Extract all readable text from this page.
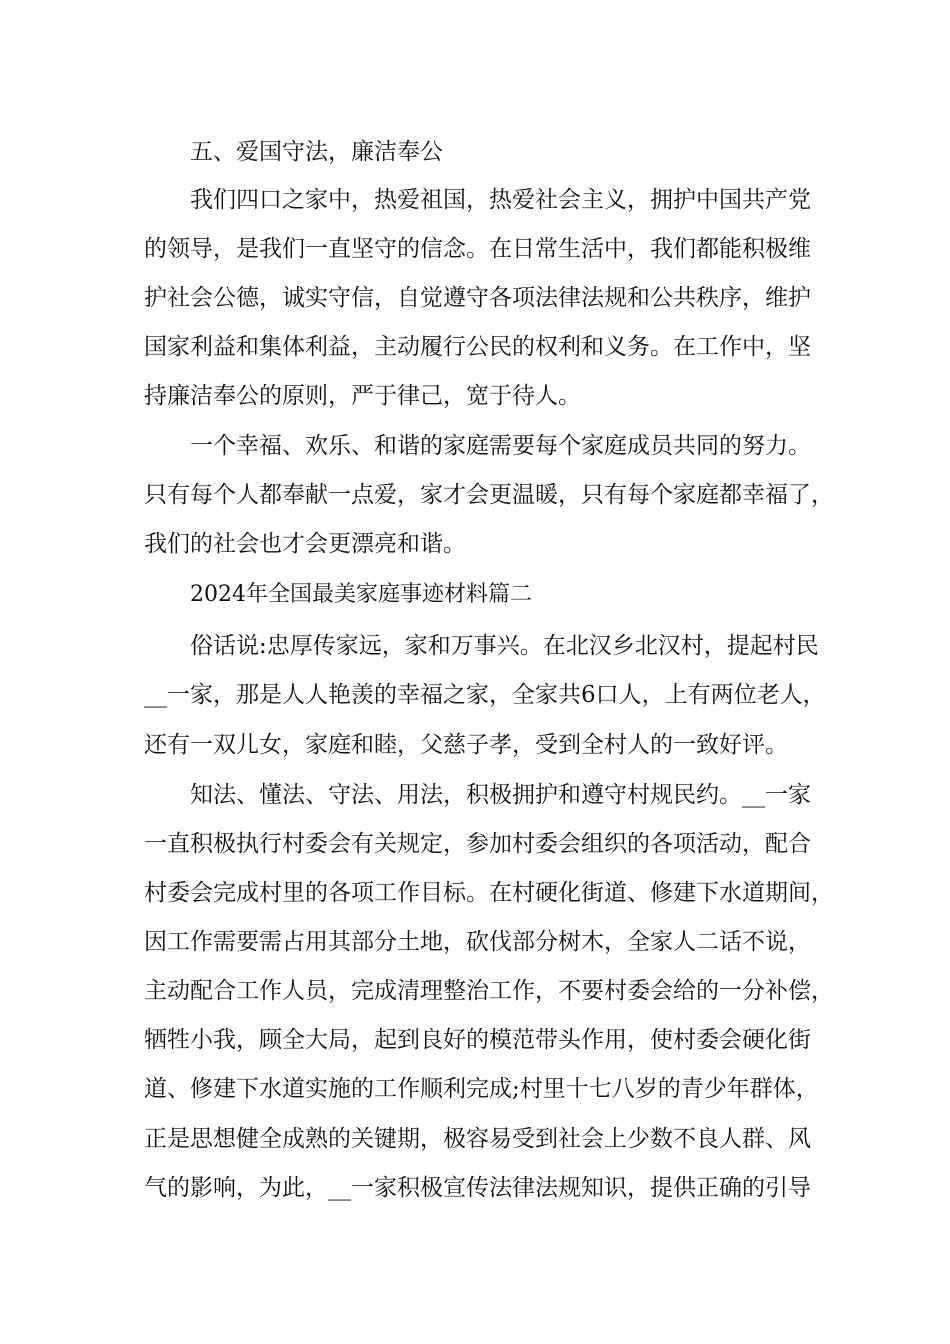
五、爱国守法，廉洁奉公
我们四口之家中，热爱祖国，热爱社会主义，拥护中国共产党
的领导，是我们一直坚守的信念。在日常生活中，我们都能积极维
护社会公德，诚实守信，自觉遵守各项法律法规和公共秩序，维护
国家利益和集体利益，主动履行公民的权利和义务。在工作中，坚
持廉洁奉公的原则，严于律己，宽于待人。
一个幸福、欢乐、和谐的家庭需要每个家庭成员共同的努力。
只有每个人都奉献一点爱，家才会更温暖，只有每个家庭都幸福了，
我们的社会也才会更漂亮和谐。
2024年全国最美家庭事迹材料篇二
俗话说:忠厚传家远，家和万事兴。在北汉乡北汉村，提起村民
__一家，那是人人艳羡的幸福之家，全家共6口人，上有两位老人，
还有一双儿女，家庭和睦，父慈子孝，受到全村人的一致好评。
知法、懂法、守法、用法，积极拥护和遵守村规民约。__一家
一直积极执行村委会有关规定，参加村委会组织的各项活动，配合
村委会完成村里的各项工作目标。在村硬化街道、修建下水道期间，
因工作需要需占用其部分土地，砍伐部分树木，全家人二话不说，
主动配合工作人员，完成清理整治工作，不要村委会给的一分补偿，
牺牲小我，顾全大局，起到良好的模范带头作用，使村委会硬化街
道、修建下水道实施的工作顺利完成;村里十七八岁的青少年群体，
正是思想健全成熟的关键期，极容易受到社会上少数不良人群、风
气的影响，为此，__一家积极宣传法律法规知识，提供正确的引导
